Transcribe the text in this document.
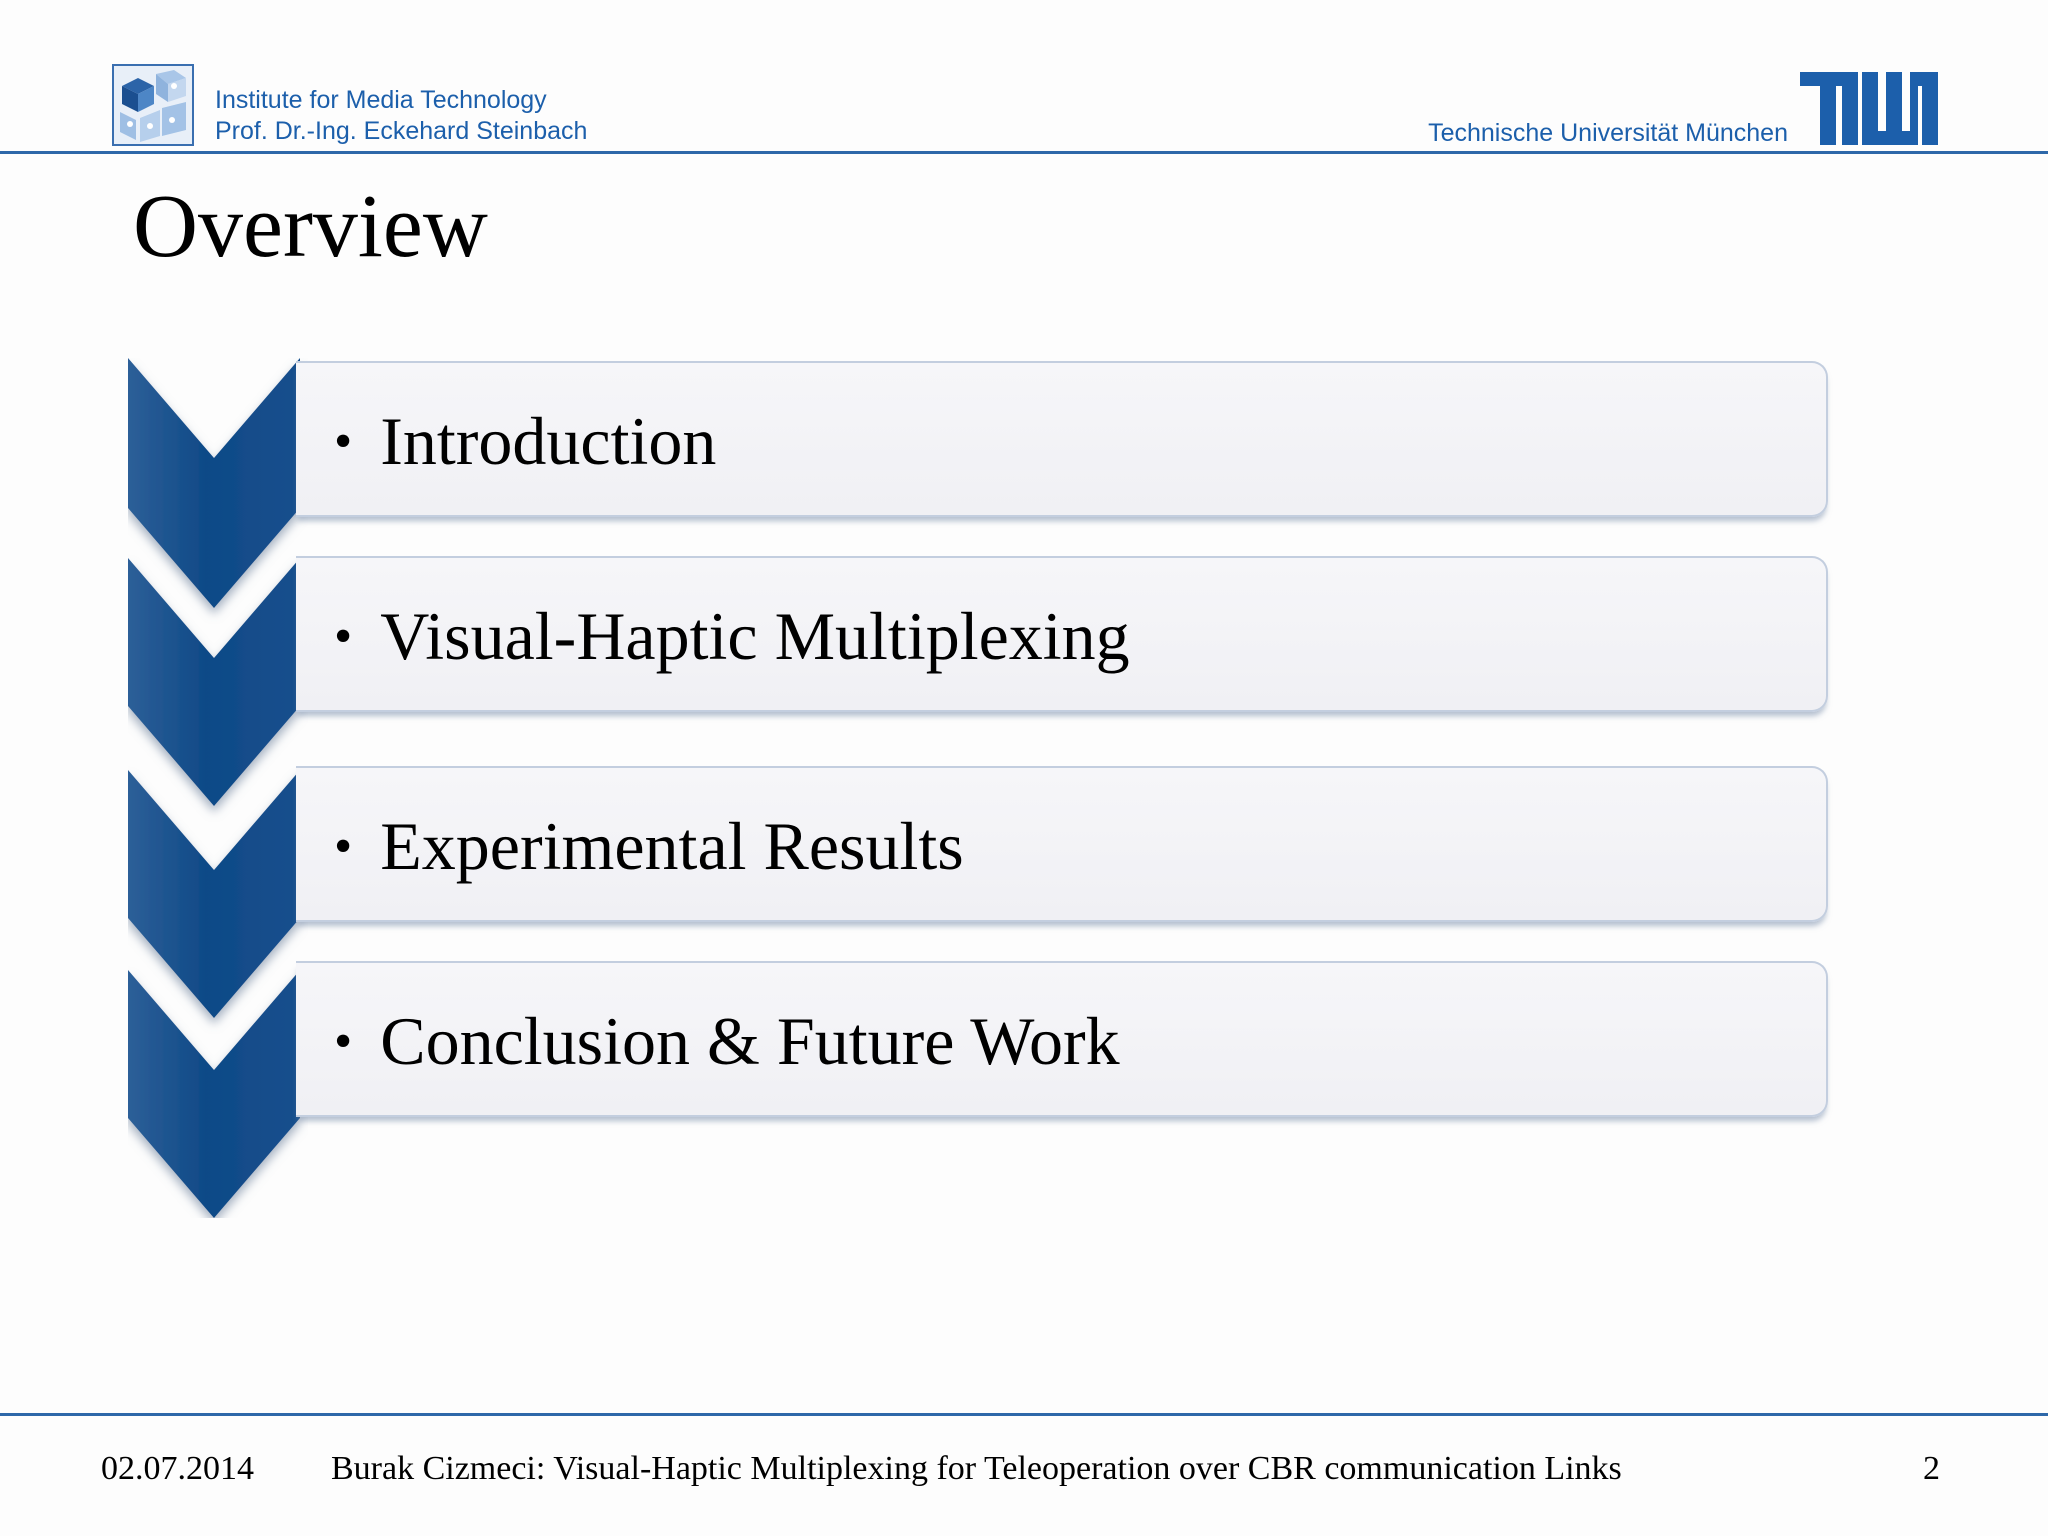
Institute for Media Technology
Prof. Dr.-Ing. Eckehard Steinbach	Technische Universität München
Overview
• Introduction
• Visual-Haptic Multiplexing
• Experimental Results
• Conclusion & Future Work
02.07.2014 Burak Cizmeci: Visual-Haptic Multiplexing for Teleoperation over CBR communication Links	2
